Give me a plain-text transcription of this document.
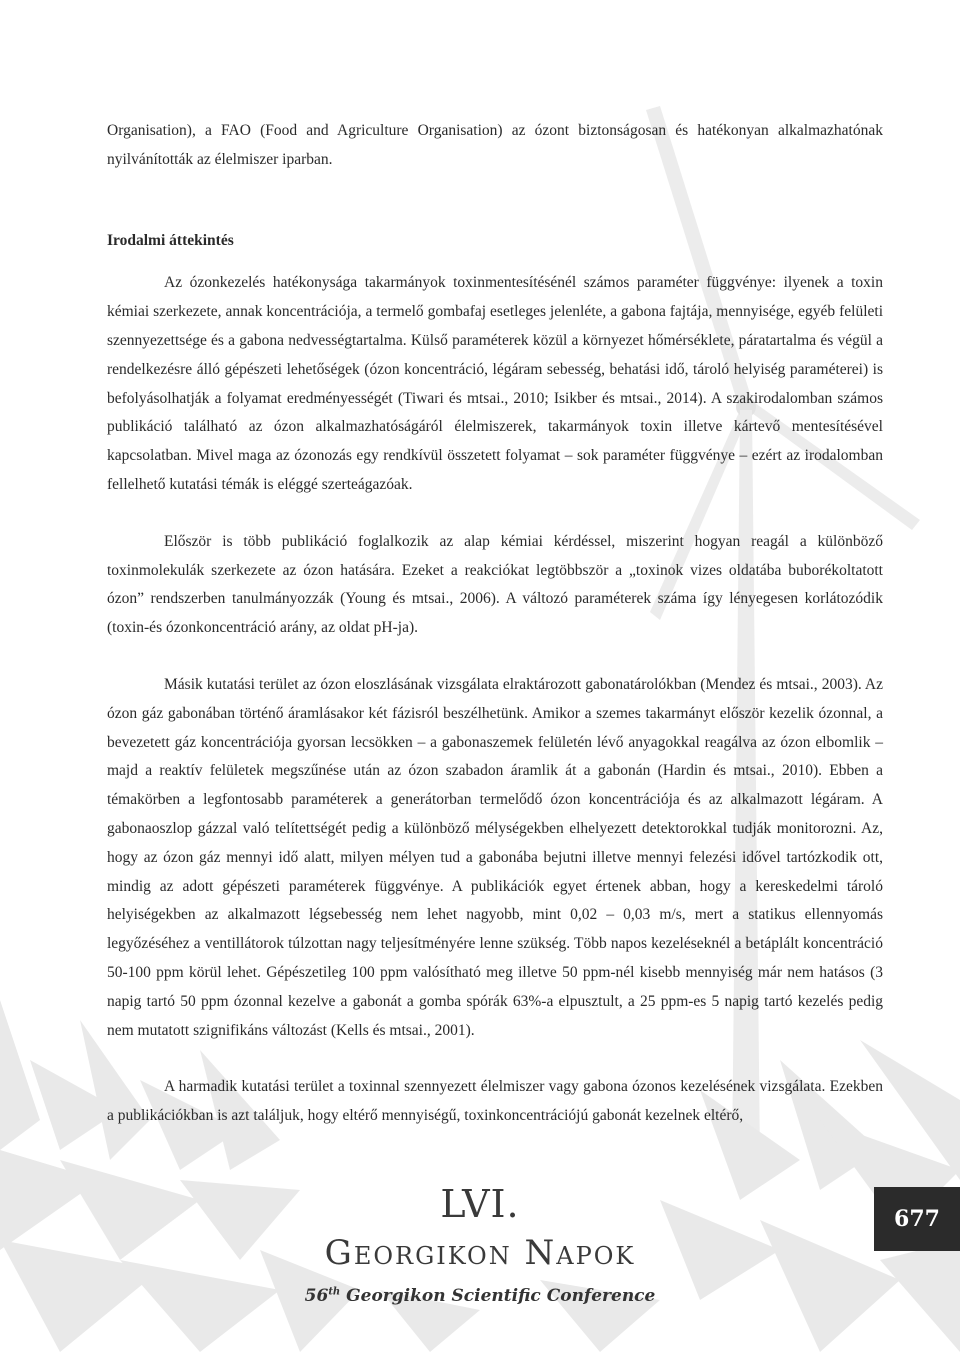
Organisation), a FAO (Food and Agriculture Organisation) az ózont biztonságosan és hatékonyan alkalmazhatónak nyilvánították az élelmiszer iparban.

Irodalmi áttekintés

Az ózonkezelés hatékonysága takarmányok toxinmentesítésénél számos paraméter függvénye: ilyenek a toxin kémiai szerkezete, annak koncentrációja, a termelő gombafaj esetleges jelenléte, a gabona fajtája, mennyisége, egyéb felületi szennyezettsége és a gabona nedvességtartalma. Külső paraméterek közül a környezet hőmérséklete, páratartalma és végül a rendelkezésre álló gépészeti lehetőségek (ózon koncentráció, légáram sebesség, behatási idő, tároló helyiség paraméterei) is befolyásolhatják a folyamat eredményességét (Tiwari és mtsai., 2010; Isikber és mtsai., 2014). A szakirodalomban számos publikáció található az ózon alkalmazhatóságáról élelmiszerek, takarmányok toxin illetve kártevő mentesítésével kapcsolatban. Mivel maga az ózonozás egy rendkívül összetett folyamat – sok paraméter függvénye – ezért az irodalomban fellelhető kutatási témák is eléggé szerteágazóak.

Először is több publikáció foglalkozik az alap kémiai kérdéssel, miszerint hogyan reagál a különböző toxinmolekulák szerkezete az ózon hatására. Ezeket a reakciókat legtöbbször a „toxinok vizes oldatába buborékoltatott ózon” rendszerben tanulmányozzák (Young és mtsai., 2006). A változó paraméterek száma így lényegesen korlátozódik (toxin-és ózonkoncentráció arány, az oldat pH-ja).

Másik kutatási terület az ózon eloszlásának vizsgálata elraktározott gabonatárolókban (Mendez és mtsai., 2003). Az ózon gáz gabonában történő áramlásakor két fázisról beszélhetünk. Amikor a szemes takarmányt először kezelik ózonnal, a bevezetett gáz koncentrációja gyorsan lecsökken – a gabonaszemek felületén lévő anyagokkal reagálva az ózon elbomlik – majd a reaktív felületek megszűnése után az ózon szabadon áramlik át a gabonán (Hardin és mtsai., 2010). Ebben a témakörben a legfontosabb paraméterek a generátorban termelődő ózon koncentrációja és az alkalmazott légáram. A gabonaoszlop gázzal való telítettségét pedig a különböző mélységekben elhelyezett detektorokkal tudják monitorozni. Az, hogy az ózon gáz mennyi idő alatt, milyen mélyen tud a gabonába bejutni illetve mennyi felezési idővel tartózkodik ott, mindig az adott gépészeti paraméterek függvénye. A publikációk egyet értenek abban, hogy a kereskedelmi tároló helyiségekben az alkalmazott légsebesség nem lehet nagyobb, mint 0,02 – 0,03 m/s, mert a statikus ellennyomás legyőzéséhez a ventillátorok túlzottan nagy teljesítményére lenne szükség. Több napos kezeléseknél a betáplált koncentráció 50-100 ppm körül lehet. Gépészetileg 100 ppm valósítható meg illetve 50 ppm-nél kisebb mennyiség már nem hatásos (3 napig tartó 50 ppm ózonnal kezelve a gabonát a gomba spórák 63%-a elpusztult, a 25 ppm-es 5 napig tartó kezelés pedig nem mutatott szignifikáns változást (Kells és mtsai., 2001).

A harmadik kutatási terület a toxinnal szennyezett élelmiszer vagy gabona ózonos kezelésének vizsgálata. Ezekben a publikációkban is azt találjuk, hogy eltérő mennyiségű, toxinkoncentrációjú gabonát kezelnek eltérő,

LVI.
Georgikon Napok
56th Georgikon Scientific Conference
677
